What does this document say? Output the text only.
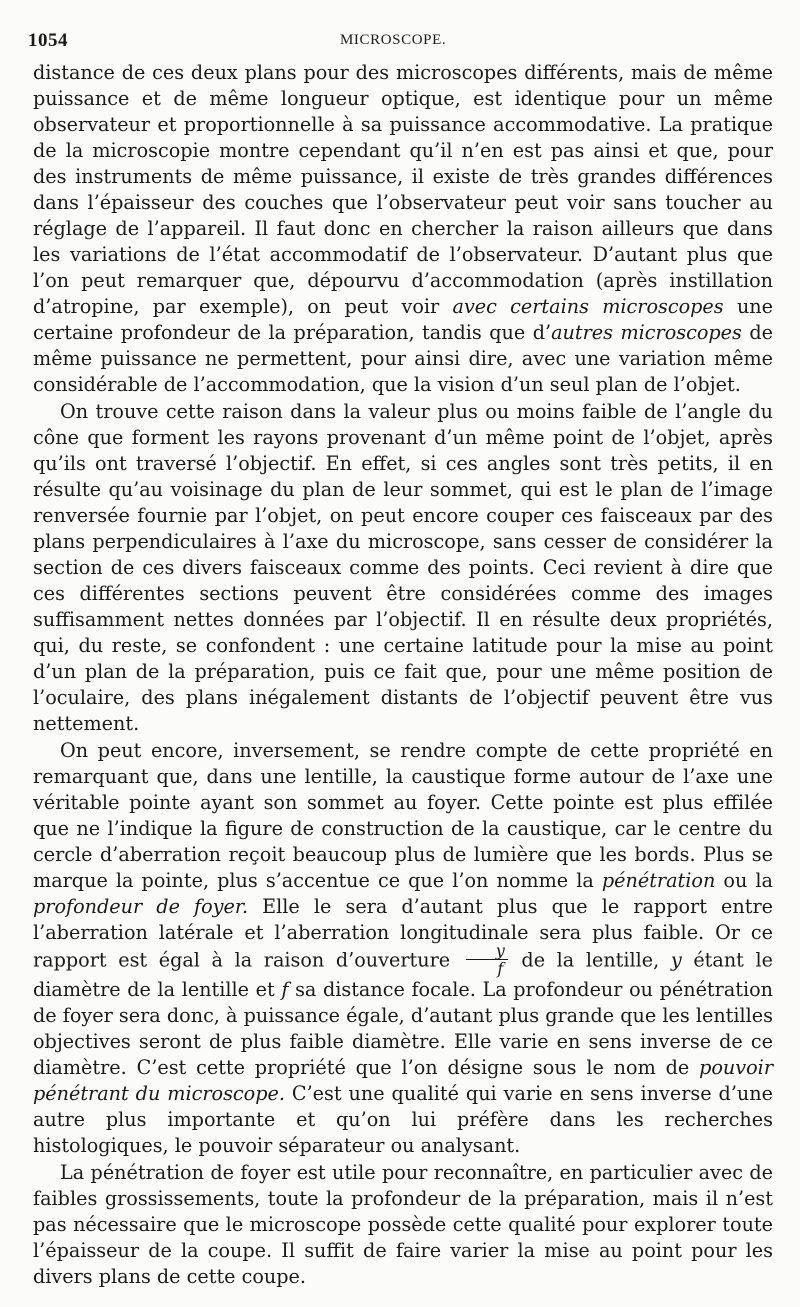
1054	MICROSCOPE.

distance de ces deux plans pour des microscopes différents, mais de même puissance et de même longueur optique, est identique pour un même observateur et proportionnelle à sa puissance accommodative. La pratique de la microscopie montre cependant qu’il n’en est pas ainsi et que, pour des instruments de même puissance, il existe de très grandes différences dans l’épaisseur des couches que l’observateur peut voir sans toucher au réglage de l’appareil. Il faut donc en chercher la raison ailleurs que dans les variations de l’état accommodatif de l’observateur. D’autant plus que l’on peut remarquer que, dépourvu d’accommodation (après instillation d’atropine, par exemple), on peut voir avec certains microscopes une certaine profondeur de la préparation, tandis que d’autres microscopes de même puissance ne permettent, pour ainsi dire, avec une variation même considérable de l’accommodation, que la vision d’un seul plan de l’objet.

On trouve cette raison dans la valeur plus ou moins faible de l’angle du cône que forment les rayons provenant d’un même point de l’objet, après qu’ils ont traversé l’objectif. En effet, si ces angles sont très petits, il en résulte qu’au voisinage du plan de leur sommet, qui est le plan de l’image renversée fournie par l’objet, on peut encore couper ces faisceaux par des plans perpendiculaires à l’axe du microscope, sans cesser de considérer la section de ces divers faisceaux comme des points. Ceci revient à dire que ces différentes sections peuvent être considérées comme des images suffisamment nettes données par l’objectif. Il en résulte deux propriétés, qui, du reste, se confondent : une certaine latitude pour la mise au point d’un plan de la préparation, puis ce fait que, pour une même position de l’oculaire, des plans inégalement distants de l’objectif peuvent être vus nettement.

On peut encore, inversement, se rendre compte de cette propriété en remarquant que, dans une lentille, la caustique forme autour de l’axe une véritable pointe ayant son sommet au foyer. Cette pointe est plus effilée que ne l’indique la figure de construction de la caustique, car le centre du cercle d’aberration reçoit beaucoup plus de lumière que les bords. Plus se marque la pointe, plus s’accentue ce que l’on nomme la pénétration ou la profondeur de foyer. Elle le sera d’autant plus que le rapport entre l’aberration latérale et l’aberration longitudinale sera plus faible. Or ce rapport est égal à la raison d’ouverture $\frac{y}{f}$ de la lentille, y étant le diamètre de la lentille et f sa distance focale. La profondeur ou pénétration de foyer sera donc, à puissance égale, d’autant plus grande que les lentilles objectives seront de plus faible diamètre. Elle varie en sens inverse de ce diamètre. C’est cette propriété que l’on désigne sous le nom de pouvoir pénétrant du microscope. C’est une qualité qui varie en sens inverse d’une autre plus importante et qu’on lui préfère dans les recherches histologiques, le pouvoir séparateur ou analysant.

La pénétration de foyer est utile pour reconnaître, en particulier avec de faibles grossissements, toute la profondeur de la préparation, mais il n’est pas nécessaire que le microscope possède cette qualité pour explorer toute l’épaisseur de la coupe. Il suffit de faire varier la mise au point pour les divers plans de cette coupe.
